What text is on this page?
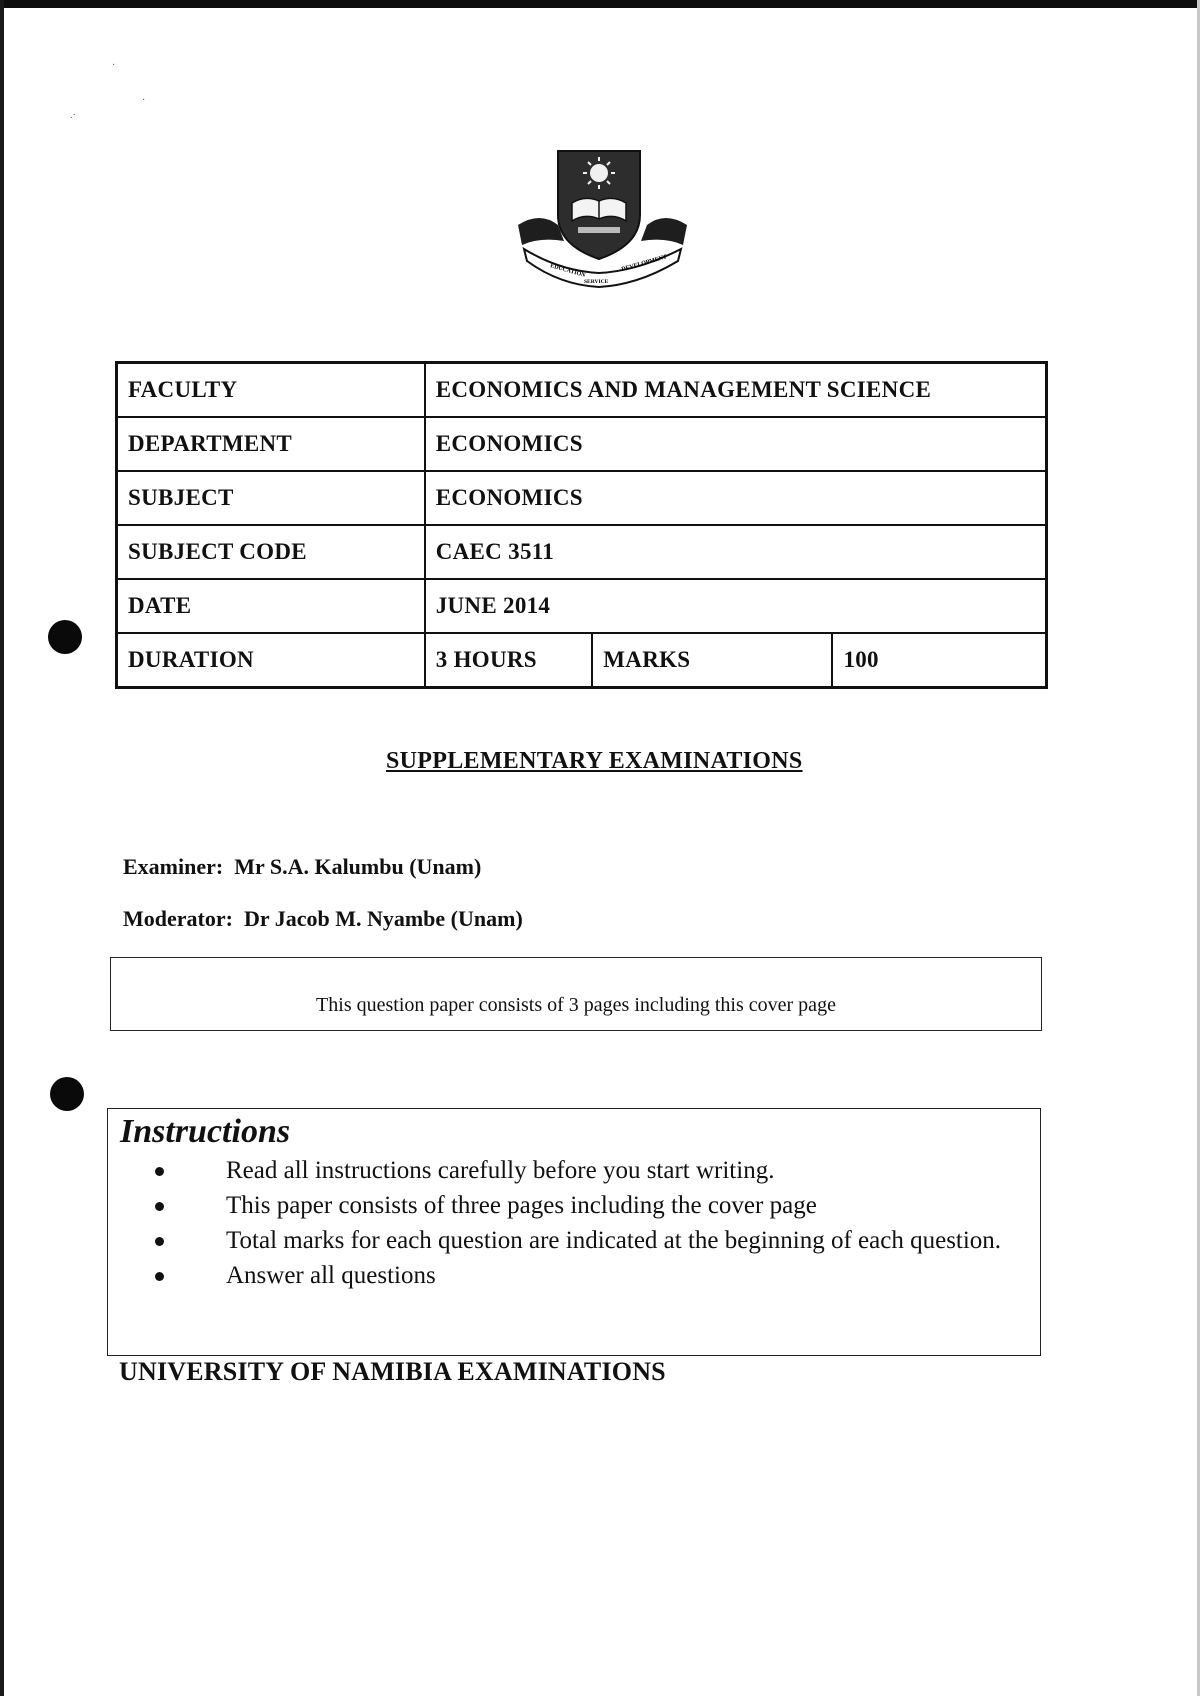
·
.·
·
EDUCATION	DEVELOPMENT
SERVICE
FACULTY	ECONOMICS AND MANAGEMENT SCIENCE		
DEPARTMENT	ECONOMICS		
SUBJECT	ECONOMICS		
SUBJECT CODE	CAEC 3511		
DATE	JUNE 2014		
DURATION	3 HOURS	MARKS	100
SUPPLEMENTARY EXAMINATIONS
Examiner: Mr S.A. Kalumbu (Unam)
Moderator: Dr Jacob M. Nyambe (Unam)
This question paper consists of 3 pages including this cover page
Instructions
Read all instructions carefully before you start writing.
This paper consists of three pages including the cover page
Total marks for each question are indicated at the beginning of each question.
Answer all questions
UNIVERSITY OF NAMIBIA EXAMINATIONS
